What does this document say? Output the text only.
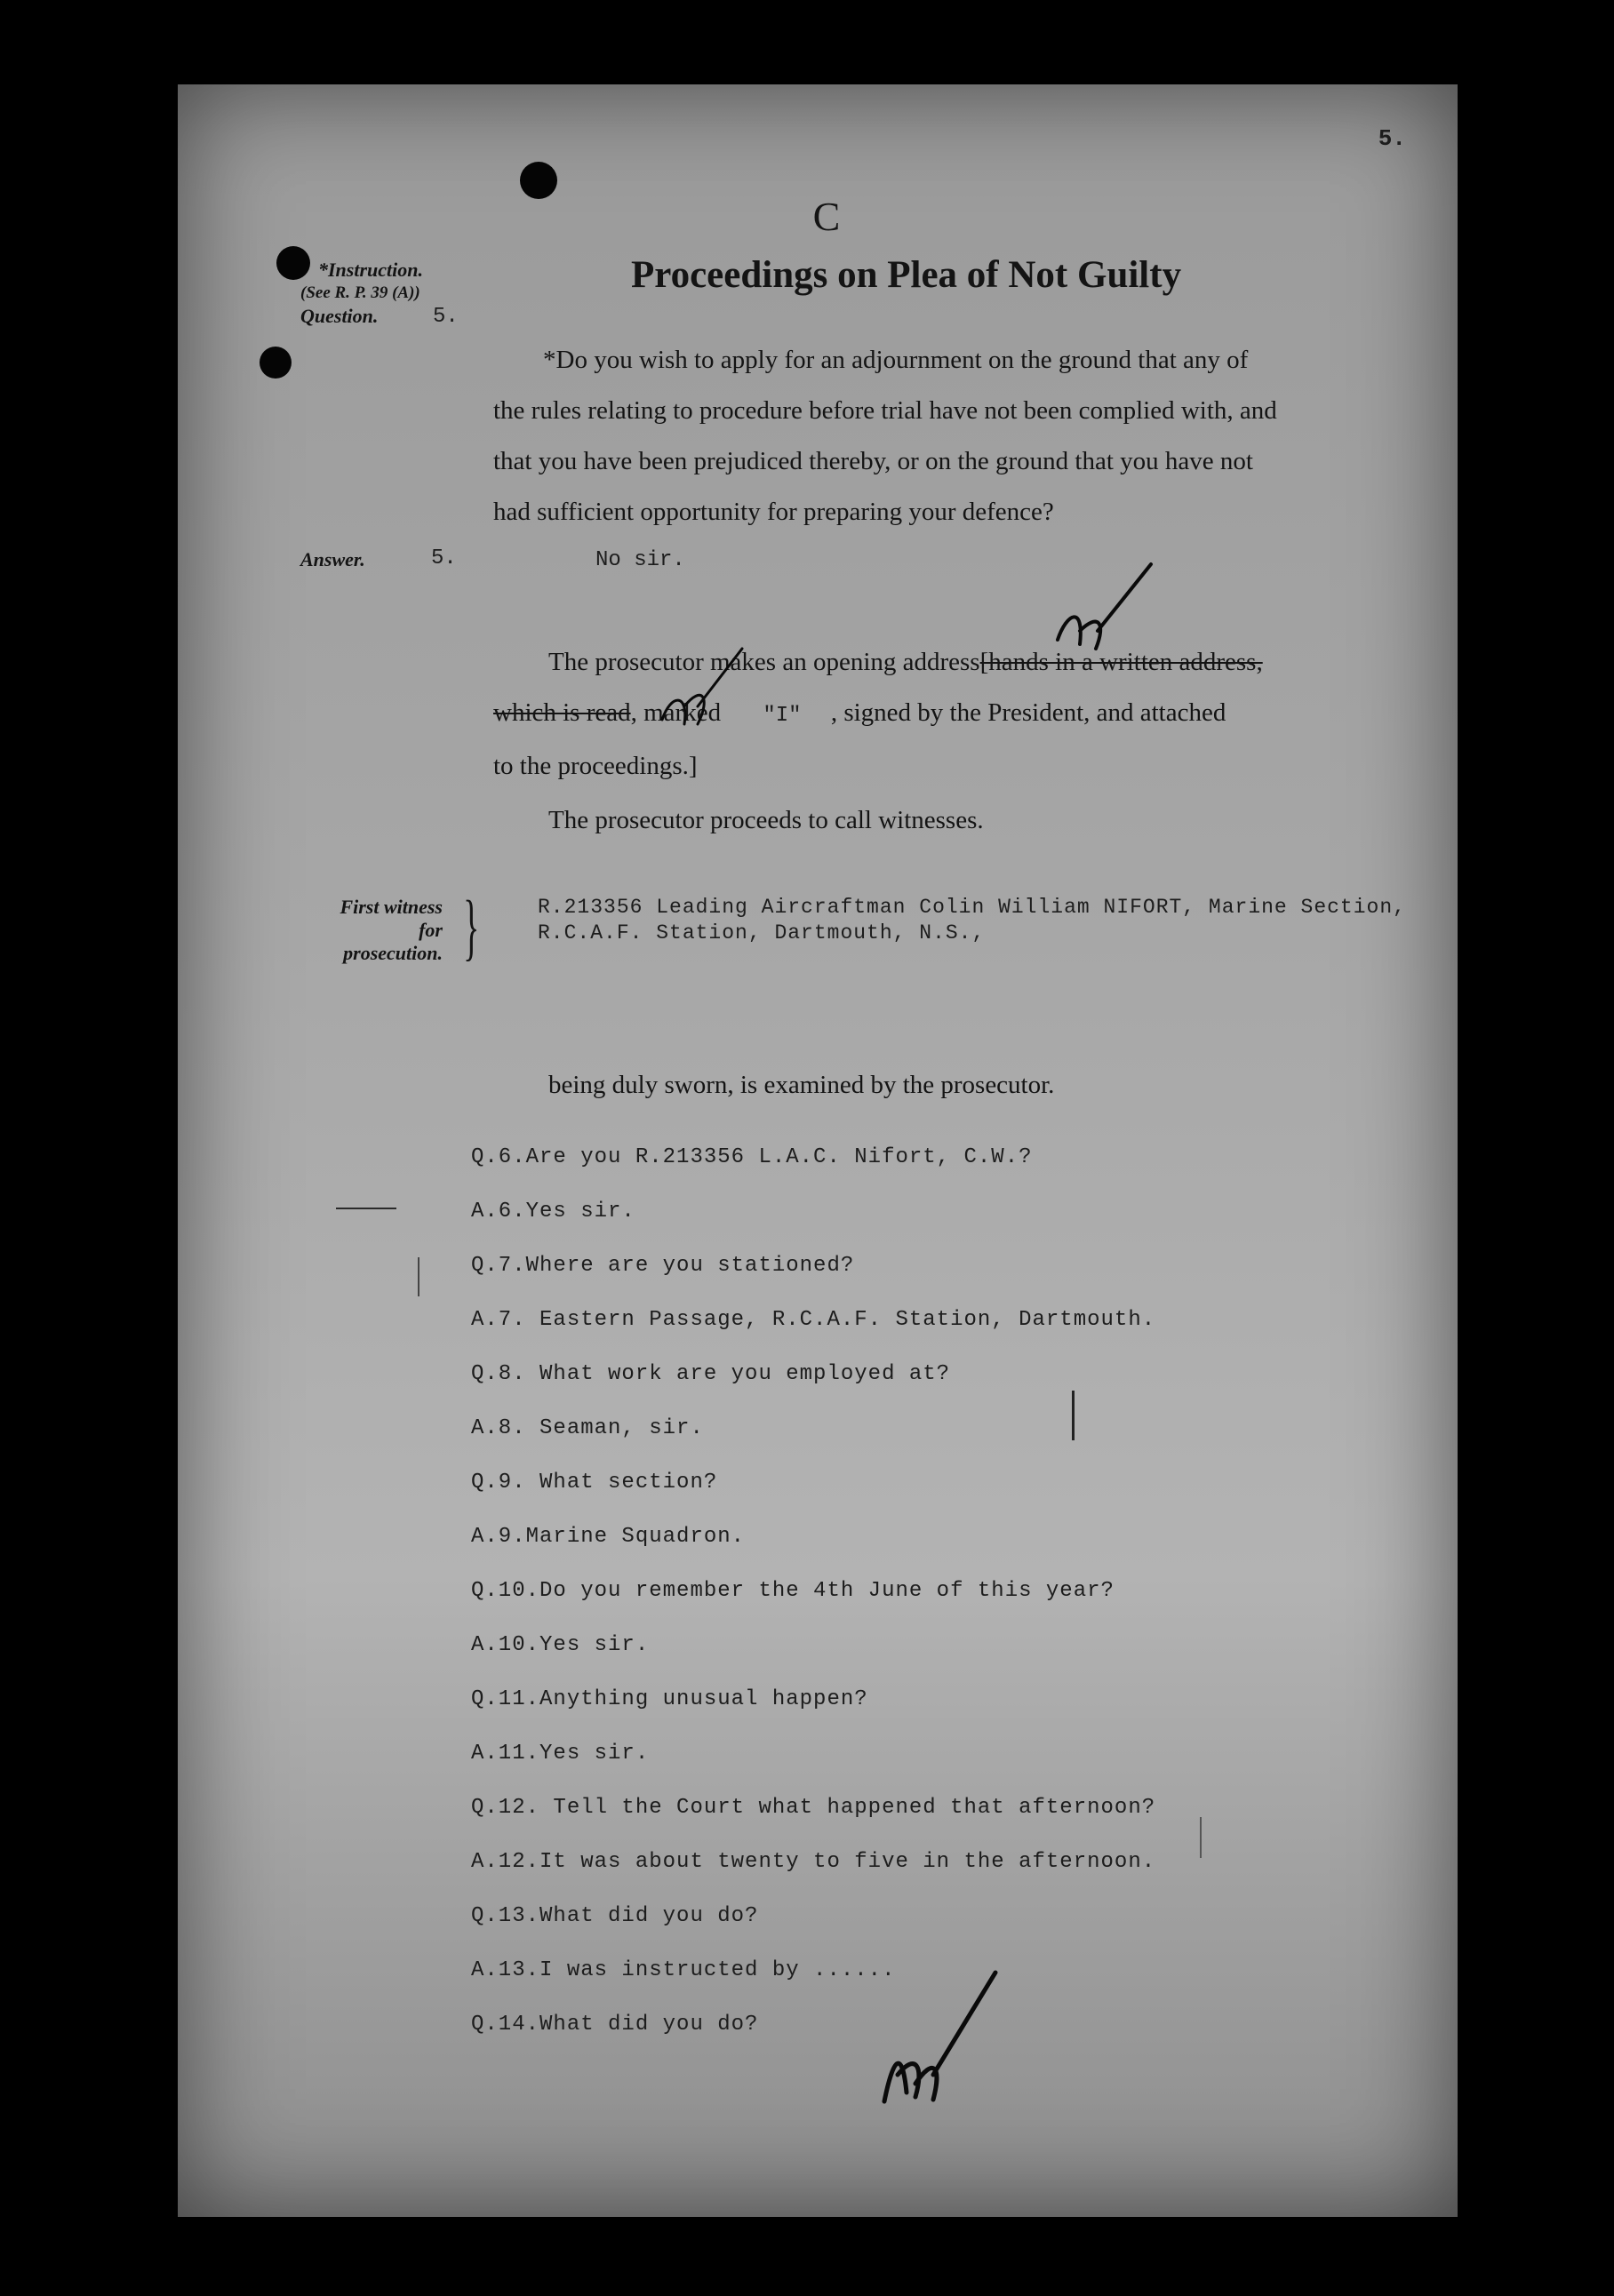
5.
C
Proceedings on Plea of Not Guilty
*Instruction.
(See R. P. 39 (A))
Question.	5.
*Do you wish to apply for an adjournment on the ground that any of
the rules relating to procedure before trial have not been complied with, and
that you have been prejudiced thereby, or on the ground that you have not
had sufficient opportunity for preparing your defence?
Answer.	5.	No sir.
The prosecutor makes an opening address[hands in a written address,
which is read, marked "I" , signed by the President, and attached
to the proceedings.]
The prosecutor proceeds to call witnesses.
First witness
for
prosecution. }	R.213356 Leading Aircraftman Colin William NIFORT, Marine Section,
R.C.A.F. Station, Dartmouth, N.S.,
being duly sworn, is examined by the prosecutor.
Q.6.Are you R.213356 L.A.C. Nifort, C.W.?
A.6.Yes sir.
Q.7.Where are you stationed?
A.7. Eastern Passage, R.C.A.F. Station, Dartmouth.
Q.8. What work are you employed at?
A.8. Seaman, sir.
Q.9. What section?
A.9.Marine Squadron.
Q.10.Do you remember the 4th June of this year?
A.10.Yes sir.
Q.11.Anything unusual happen?
A.11.Yes sir.
Q.12. Tell the Court what happened that afternoon?
A.12.It was about twenty to five in the afternoon.
Q.13.What did you do?
A.13.I was instructed by ......
Q.14.What did you do?
